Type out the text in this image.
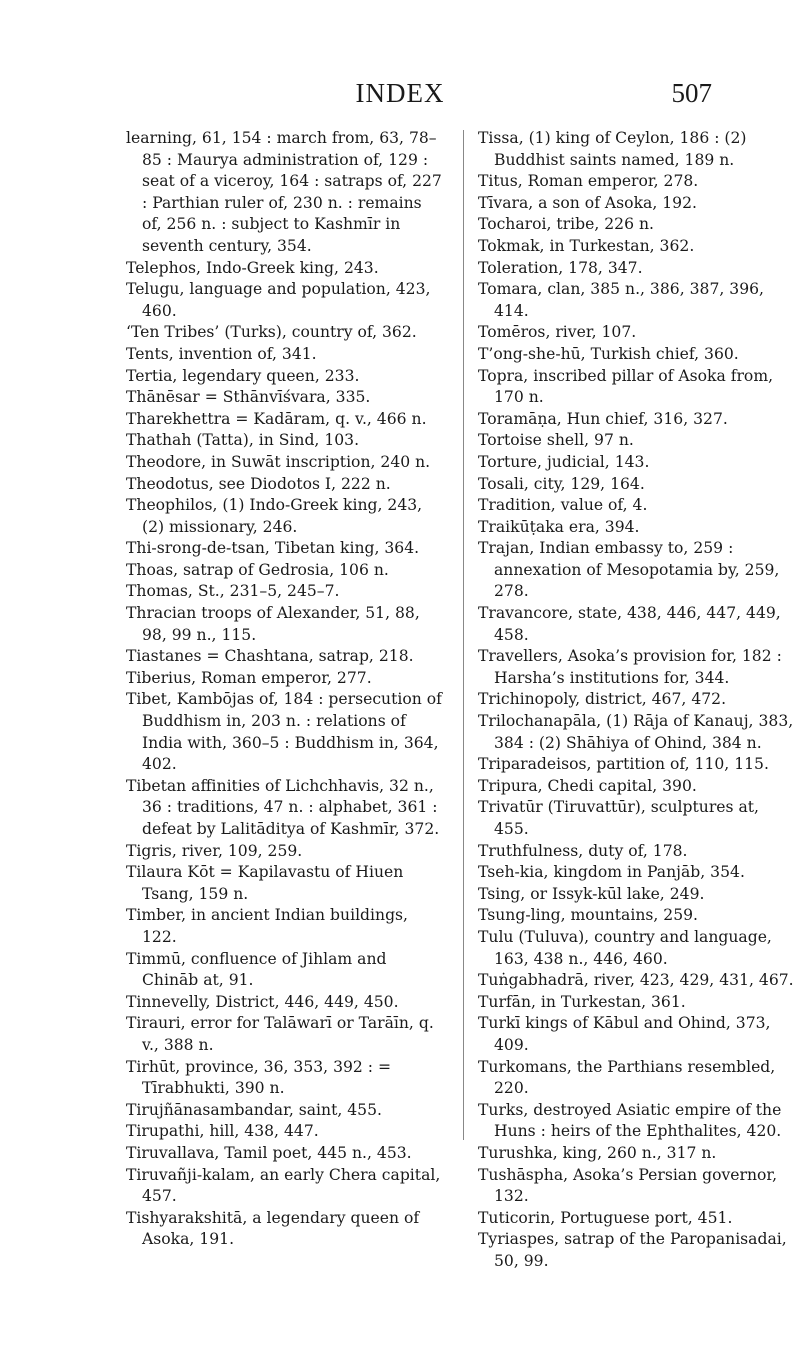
INDEX	507

learning, 61, 154 : march from, 63, 78–85 : Maurya administration of, 129 : seat of a viceroy, 164 : satraps of, 227 : Parthian ruler of, 230 n. : remains of, 256 n. : subject to Kashmīr in seventh century, 354.

Telephos, Indo-Greek king, 243.

Telugu, language and population, 423, 460.

‘Ten Tribes’ (Turks), country of, 362.

Tents, invention of, 341.

Tertia, legendary queen, 233.

Thānēsar = Sthānvīśvara, 335.

Tharekhettra = Kadāram, q. v., 466 n.

Thathah (Tatta), in Sind, 103.

Theodore, in Suwāt inscription, 240 n.

Theodotus, see Diodotos I, 222 n.

Theophilos, (1) Indo-Greek king, 243, (2) missionary, 246.

Thi-srong-de-tsan, Tibetan king, 364.

Thoas, satrap of Gedrosia, 106 n.

Thomas, St., 231–5, 245–7.

Thracian troops of Alexander, 51, 88, 98, 99 n., 115.

Tiastanes = Chashtana, satrap, 218.

Tiberius, Roman emperor, 277.

Tibet, Kambōjas of, 184 : persecution of Buddhism in, 203 n. : relations of India with, 360–5 : Buddhism in, 364, 402.

Tibetan affinities of Lichchhavis, 32 n., 36 : traditions, 47 n. : alphabet, 361 : defeat by Lalitāditya of Kashmīr, 372.

Tigris, river, 109, 259.

Tilaura Kōt = Kapilavastu of Hiuen Tsang, 159 n.

Timber, in ancient Indian buildings, 122.

Timmū, confluence of Jihlam and Chināb at, 91.

Tinnevelly, District, 446, 449, 450.

Tirauri, error for Talāwarī or Tarāīn, q. v., 388 n.

Tirhūt, province, 36, 353, 392 : = Tīrabhukti, 390 n.

Tirujñānasambandar, saint, 455.

Tirupathi, hill, 438, 447.

Tiruvallava, Tamil poet, 445 n., 453.

Tiruvañji-kalam, an early Chera capital, 457.

Tishyarakshitā, a legendary queen of Asoka, 191.

Tissa, (1) king of Ceylon, 186 : (2) Buddhist saints named, 189 n.

Titus, Roman emperor, 278.

Tīvara, a son of Asoka, 192.

Tocharoi, tribe, 226 n.

Tokmak, in Turkestan, 362.

Toleration, 178, 347.

Tomara, clan, 385 n., 386, 387, 396, 414.

Tomēros, river, 107.

T’ong-she-hū, Turkish chief, 360.

Topra, inscribed pillar of Asoka from, 170 n.

Toramāṇa, Hun chief, 316, 327.

Tortoise shell, 97 n.

Torture, judicial, 143.

Tosali, city, 129, 164.

Tradition, value of, 4.

Traikūṭaka era, 394.

Trajan, Indian embassy to, 259 : annexation of Mesopotamia by, 259, 278.

Travancore, state, 438, 446, 447, 449, 458.

Travellers, Asoka’s provision for, 182 : Harsha’s institutions for, 344.

Trichinopoly, district, 467, 472.

Trilochanapāla, (1) Rāja of Kanauj, 383, 384 : (2) Shāhiya of Ohind, 384 n.

Triparadeisos, partition of, 110, 115.

Tripura, Chedi capital, 390.

Trivatūr (Tiruvattūr), sculptures at, 455.

Truthfulness, duty of, 178.

Tseh-kia, kingdom in Panjāb, 354.

Tsing, or Issyk-kūl lake, 249.

Tsung-ling, mountains, 259.

Tulu (Tuluva), country and language, 163, 438 n., 446, 460.

Tuṅgabhadrā, river, 423, 429, 431, 467.

Turfān, in Turkestan, 361.

Turkī kings of Kābul and Ohind, 373, 409.

Turkomans, the Parthians resembled, 220.

Turks, destroyed Asiatic empire of the Huns : heirs of the Ephthalites, 420.

Turushka, king, 260 n., 317 n.

Tushāspha, Asoka’s Persian governor, 132.

Tuticorin, Portuguese port, 451.

Tyriaspes, satrap of the Paropanisadai, 50, 99.
